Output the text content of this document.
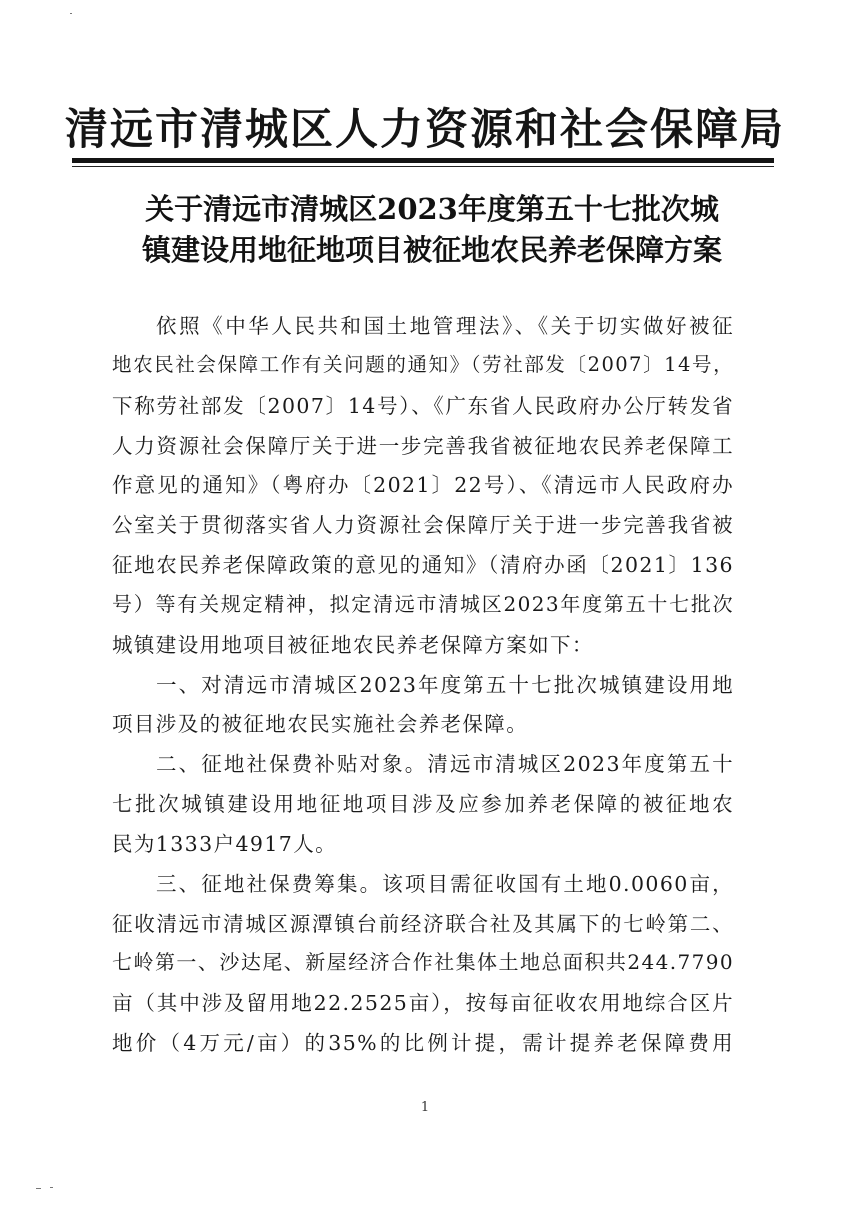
清远市清城区人力资源和社会保障局
关于清远市清城区2023年度第五十七批次城
镇建设用地征地项目被征地农民养老保障方案
依照《中华人民共和国土地管理法》、《关于切实做好被征
地农民社会保障工作有关问题的通知》（劳社部发〔2007〕14号，
下称劳社部发〔2007〕14号）、《广东省人民政府办公厅转发省
人力资源社会保障厅关于进一步完善我省被征地农民养老保障工
作意见的通知》（粤府办〔2021〕22号）、《清远市人民政府办
公室关于贯彻落实省人力资源社会保障厅关于进一步完善我省被
征地农民养老保障政策的意见的通知》（清府办函〔2021〕136
号）等有关规定精神，拟定清远市清城区2023年度第五十七批次
城镇建设用地项目被征地农民养老保障方案如下：
一、对清远市清城区2023年度第五十七批次城镇建设用地
项目涉及的被征地农民实施社会养老保障。
二、征地社保费补贴对象。清远市清城区2023年度第五十
七批次城镇建设用地征地项目涉及应参加养老保障的被征地农
民为1333户4917人。
三、征地社保费筹集。该项目需征收国有土地0.0060亩，
征收清远市清城区源潭镇台前经济联合社及其属下的七岭第二、
七岭第一、沙达尾、新屋经济合作社集体土地总面积共244.7790
亩（其中涉及留用地22.2525亩），按每亩征收农用地综合区片
地价（4万元/亩）的35%的比例计提，需计提养老保障费用
1
